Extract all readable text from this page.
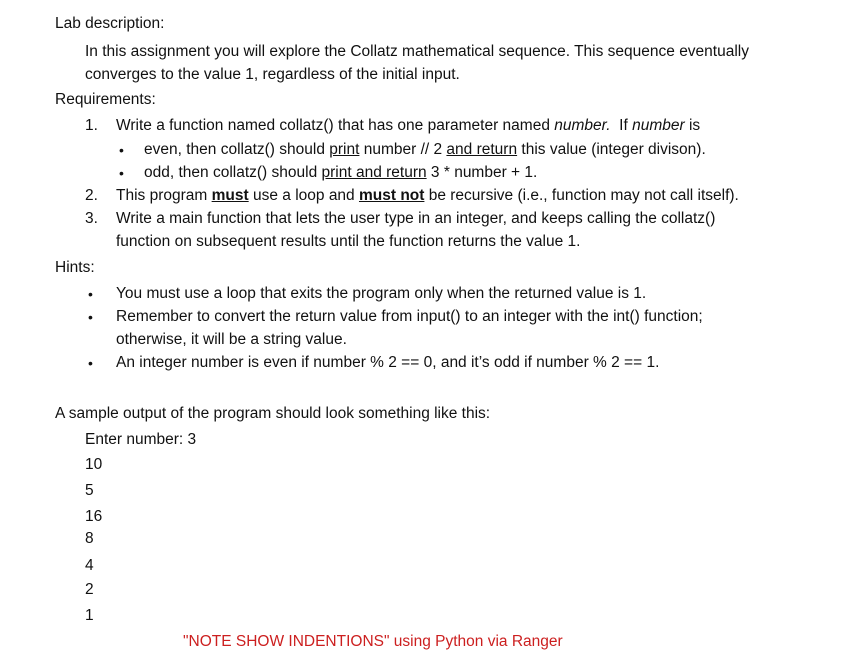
Lab description:
In this assignment you will explore the Collatz mathematical sequence. This sequence eventually
converges to the value 1, regardless of the initial input.
Requirements:
1. Write a function named collatz() that has one parameter named number.  If number is
• even, then collatz() should print number // 2 and return this value (integer divison).
• odd, then collatz() should print and return 3 * number + 1.
2. This program must use a loop and must not be recursive (i.e., function may not call itself).
3. Write a main function that lets the user type in an integer, and keeps calling the collatz()
function on subsequent results until the function returns the value 1.
Hints:
• You must use a loop that exits the program only when the returned value is 1.
• Remember to convert the return value from input() to an integer with the int() function;
otherwise, it will be a string value.
• An integer number is even if number % 2 == 0, and it’s odd if number % 2 == 1.
A sample output of the program should look something like this:
Enter number: 3
10
5
16
8
4
2
1
"NOTE SHOW INDENTIONS" using Python via Ranger
